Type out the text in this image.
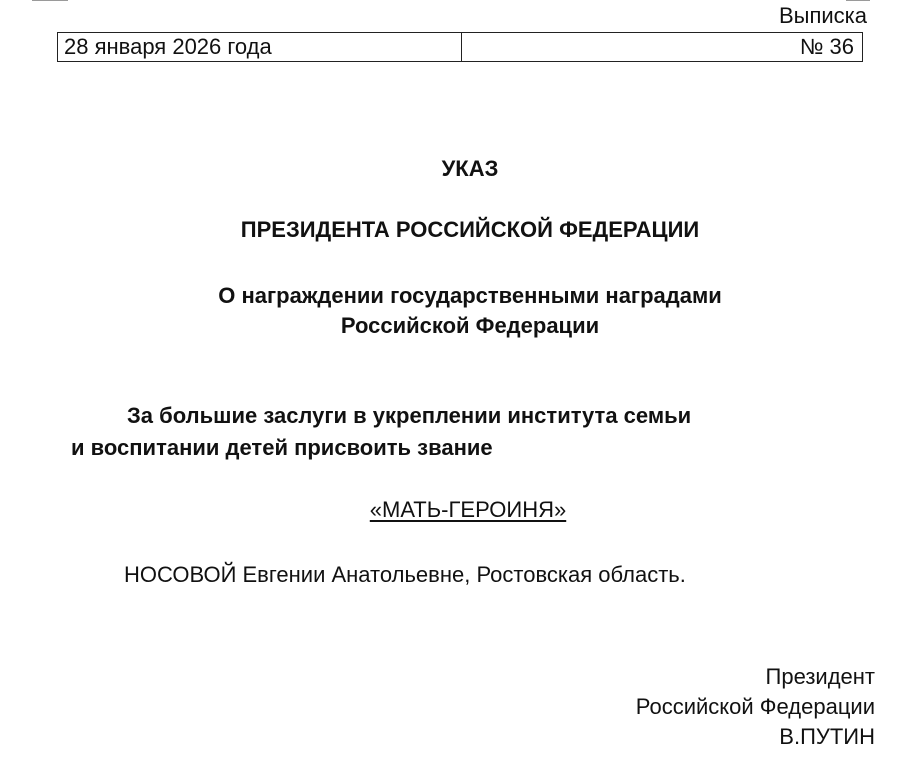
Выписка
28 января 2026 года	№ 36
УКАЗ
ПРЕЗИДЕНТА РОССИЙСКОЙ ФЕДЕРАЦИИ
О награждении государственными наградами
Российской Федерации
За большие заслуги в укреплении института семьи
и воспитании детей присвоить звание
«МАТЬ-ГЕРОИНЯ»
НОСОВОЙ Евгении Анатольевне, Ростовская область.
Президент
Российской Федерации
В.ПУТИН
